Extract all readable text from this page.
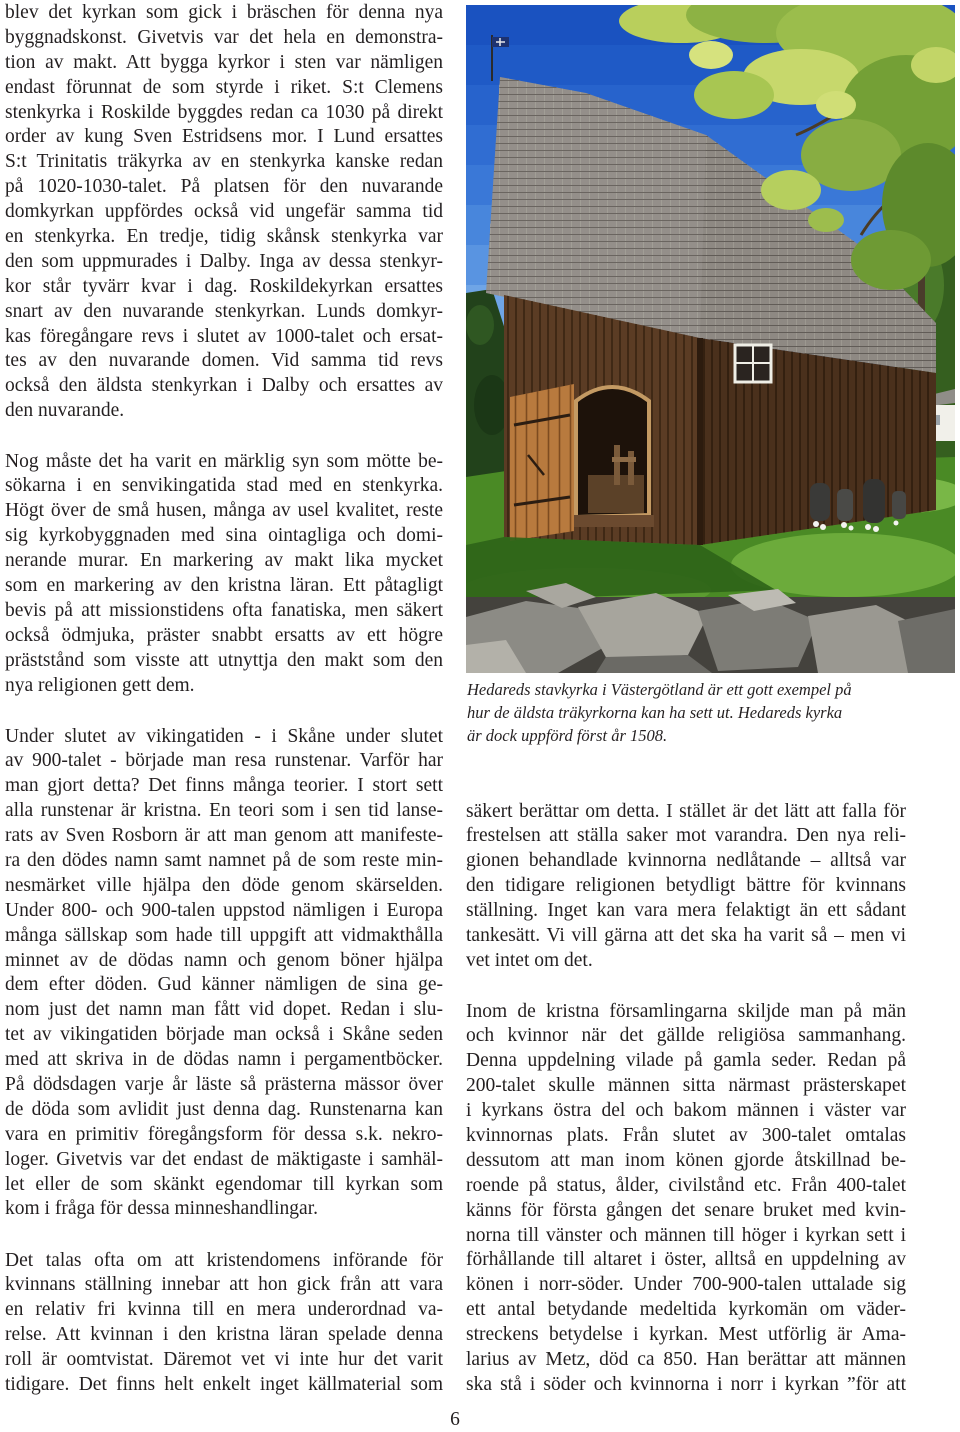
blev det kyrkan som gick i bräschen för denna nya
byggnadskonst. Givetvis var det hela en demonstra-
tion av makt. Att bygga kyrkor i sten var nämligen
endast förunnat de som styrde i riket. S:t Clemens
stenkyrka i Roskilde byggdes redan ca 1030 på direkt
order av kung Sven Estridsens mor. I Lund ersattes
S:t Trinitatis träkyrka av en stenkyrka kanske redan
på 1020-1030-talet. På platsen för den nuvarande
domkyrkan uppfördes också vid ungefär samma tid
en stenkyrka. En tredje, tidig skånsk stenkyrka var
den som uppmurades i Dalby. Inga av dessa stenkyr-
kor står tyvärr kvar i dag. Roskildekyrkan ersattes
snart av den nuvarande stenkyrkan. Lunds domkyr-
kas föregångare revs i slutet av 1000-talet och ersat-
tes av den nuvarande domen. Vid samma tid revs
också den äldsta stenkyrkan i Dalby och ersattes av
den nuvarande.
Nog måste det ha varit en märklig syn som mötte be-
sökarna i en senvikingatida stad med en stenkyrka.
Högt över de små husen, många av usel kvalitet, reste
sig kyrkobyggnaden med sina ointagliga och domi-
nerande murar. En markering av makt lika mycket
som en markering av den kristna läran. Ett påtagligt
bevis på att missionstidens ofta fanatiska, men säkert
också ödmjuka, präster snabbt ersatts av ett högre
präststånd som visste att utnyttja den makt som den
nya religionen gett dem.
Under slutet av vikingatiden - i Skåne under slutet
av 900-talet - började man resa runstenar. Varför har
man gjort detta? Det finns många teorier. I stort sett
alla runstenar är kristna. En teori som i sen tid lanse-
rats av Sven Rosborn är att man genom att manifeste-
ra den dödes namn samt namnet på de som reste min-
nesmärket ville hjälpa den döde genom skärselden.
Under 800- och 900-talen uppstod nämligen i Europa
många sällskap som hade till uppgift att vidmakthålla
minnet av de dödas namn och genom böner hjälpa
dem efter döden. Gud känner nämligen de sina ge-
nom just det namn man fått vid dopet. Redan i slu-
tet av vikingatiden började man också i Skåne seden
med att skriva in de dödas namn i pergamentböcker.
På dödsdagen varje år läste så prästerna mässor över
de döda som avlidit just denna dag. Runstenarna kan
vara en primitiv föregångsform för dessa s.k. nekro-
loger. Givetvis var det endast de mäktigaste i samhäl-
let eller de som skänkt egendomar till kyrkan som
kom i fråga för dessa minneshandlingar.
Det talas ofta om att kristendomens införande för
kvinnans ställning innebar att hon gick från att vara
en relativ fri kvinna till en mera underordnad va-
relse. Att kvinnan i den kristna läran spelade denna
roll är oomtvistat. Däremot vet vi inte hur det varit
tidigare. Det finns helt enkelt inget källmaterial som
Hedareds stavkyrka i Västergötland är ett gott exempel på
hur de äldsta träkyrkorna kan ha sett ut. Hedareds kyrka
är dock uppförd först år 1508.
säkert berättar om detta. I stället är det lätt att falla för
frestelsen att ställa saker mot varandra. Den nya reli-
gionen behandlade kvinnorna nedlåtande – alltså var
den tidigare religionen betydligt bättre för kvinnans
ställning. Inget kan vara mera felaktigt än ett sådant
tankesätt. Vi vill gärna att det ska ha varit så – men vi
vet intet om det.
Inom de kristna församlingarna skiljde man på män
och kvinnor när det gällde religiösa sammanhang.
Denna uppdelning vilade på gamla seder. Redan på
200-talet skulle männen sitta närmast prästerskapet
i kyrkans östra del och bakom männen i väster var
kvinnornas plats. Från slutet av 300-talet omtalas
dessutom att man inom könen gjorde åtskillnad be-
roende på status, ålder, civilstånd etc. Från 400-talet
känns för första gången det senare bruket med kvin-
norna till vänster och männen till höger i kyrkan sett i
förhållande till altaret i öster, alltså en uppdelning av
könen i norr-söder. Under 700-900-talen uttalade sig
ett antal betydande medeltida kyrkomän om väder-
streckens betydelse i kyrkan. Mest utförlig är Ama-
larius av Metz, död ca 850. Han berättar att männen
ska stå i söder och kvinnorna i norr i kyrkan ”för att
6
